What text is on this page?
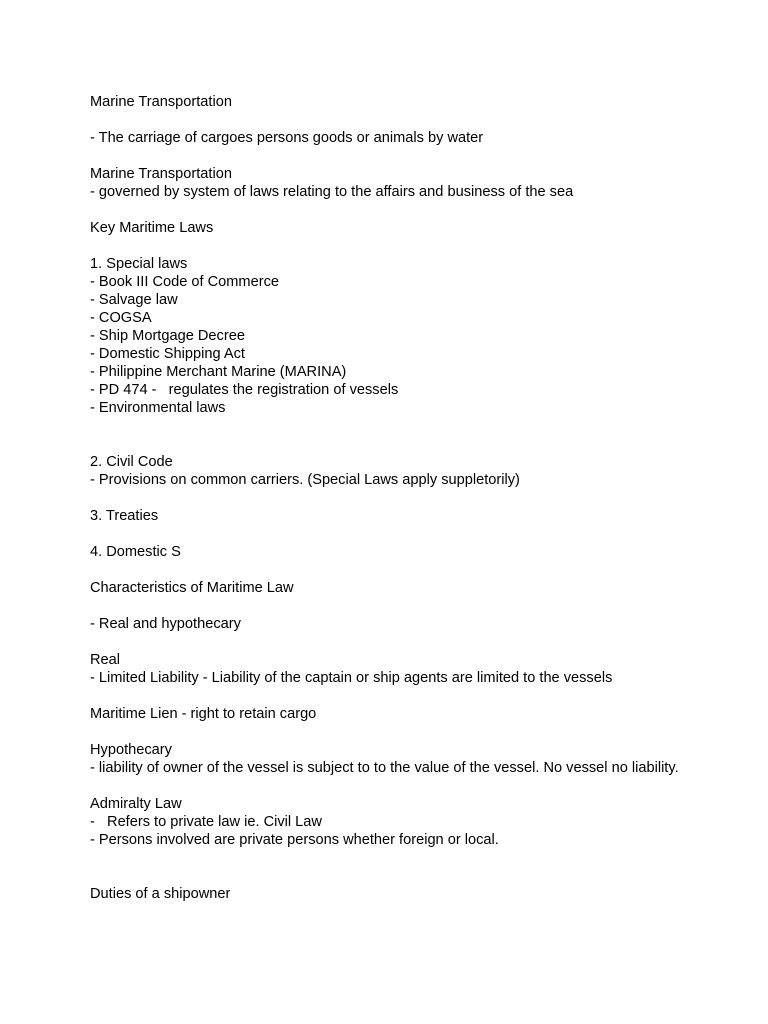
Marine Transportation
- The carriage of cargoes persons goods or animals by water
Marine Transportation
- governed by system of laws relating to the affairs and business of the sea
Key Maritime Laws
1. Special laws
- Book III Code of Commerce
- Salvage law
- COGSA
- Ship Mortgage Decree
- Domestic Shipping Act
- Philippine Merchant Marine (MARINA)
- PD 474 -   regulates the registration of vessels
- Environmental laws
2. Civil Code
- Provisions on common carriers. (Special Laws apply suppletorily)
3. Treaties
4. Domestic S
Characteristics of Maritime Law
- Real and hypothecary
Real
- Limited Liability - Liability of the captain or ship agents are limited to the vessels
Maritime Lien - right to retain cargo
Hypothecary
- liability of owner of the vessel is subject to to the value of the vessel. No vessel no liability.
Admiralty Law
-   Refers to private law ie. Civil Law
- Persons involved are private persons whether foreign or local.
Duties of a shipowner
